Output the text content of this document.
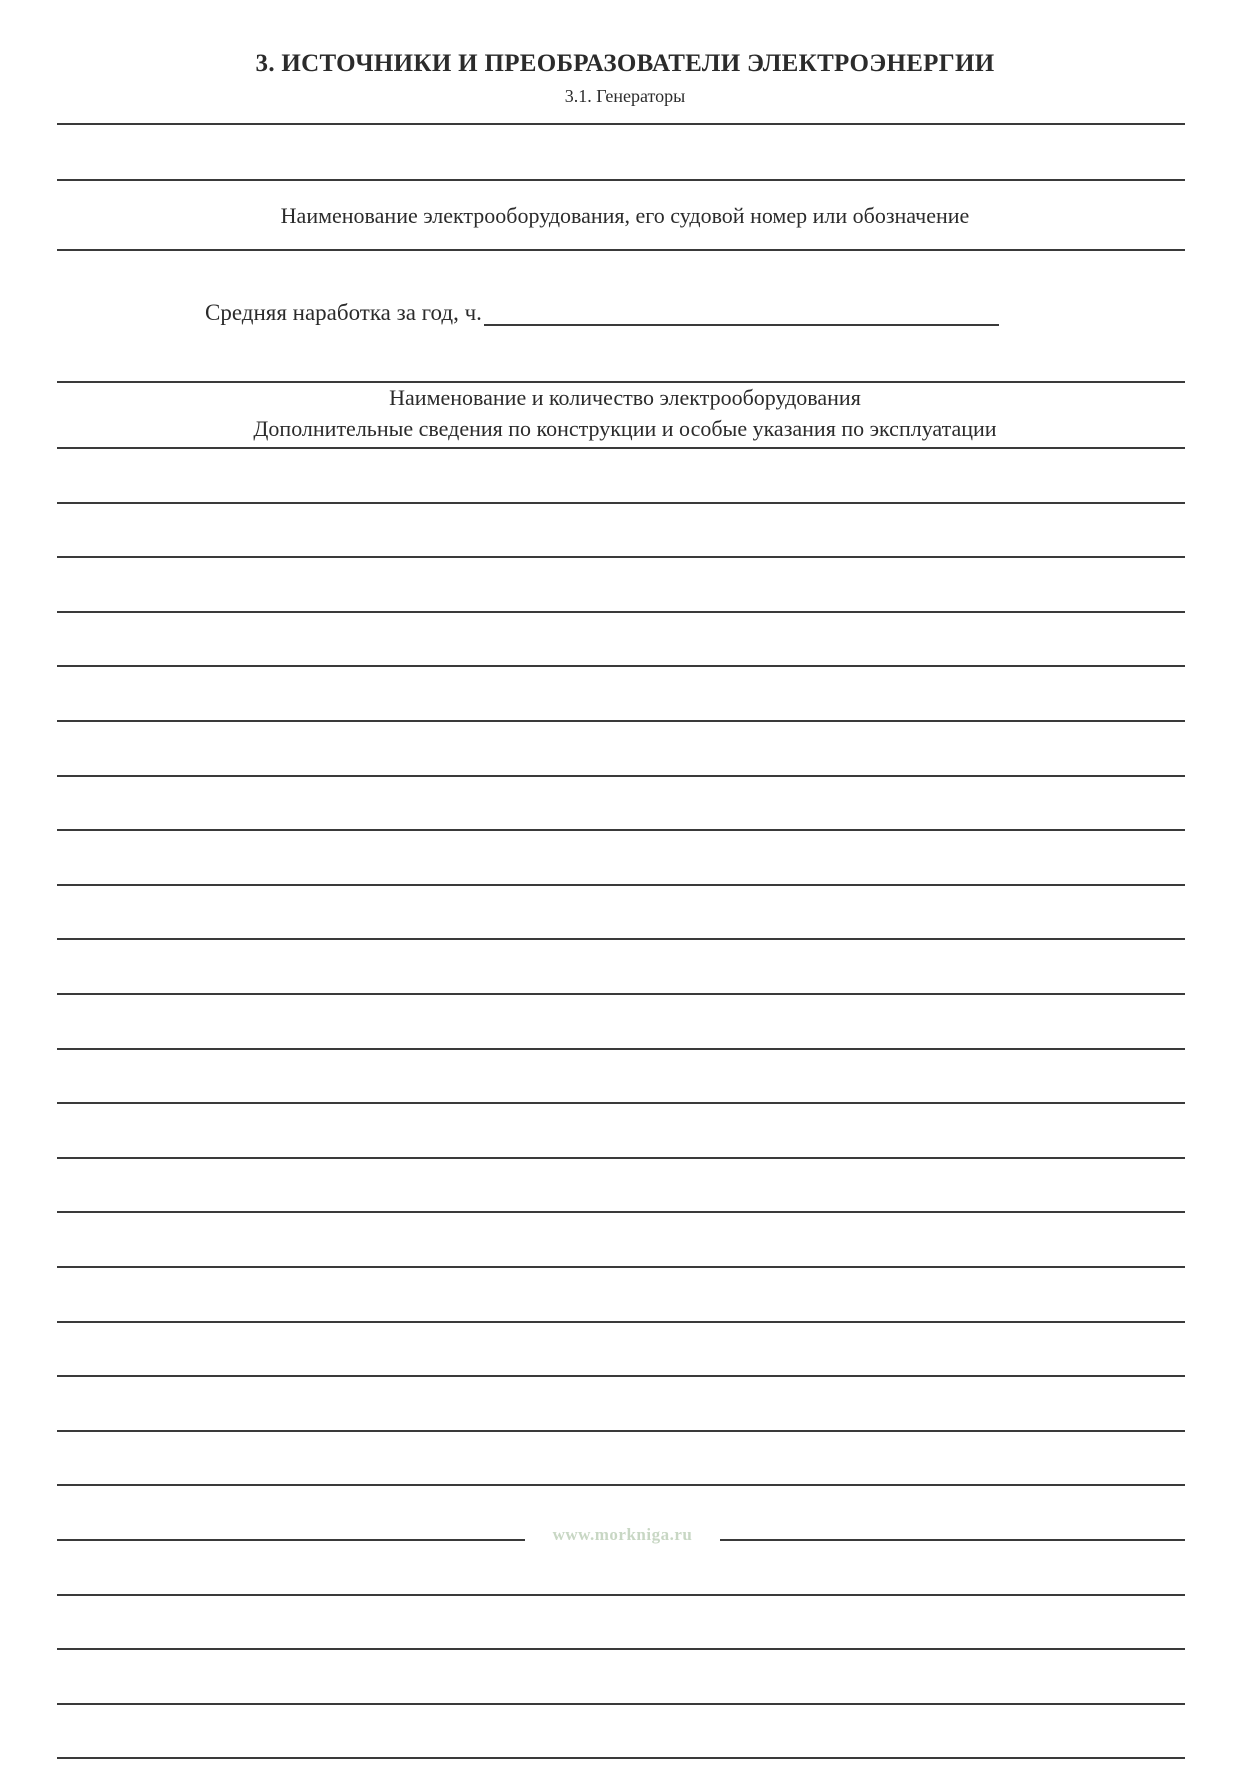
3. ИСТОЧНИКИ И ПРЕОБРАЗОВАТЕЛИ ЭЛЕКТРОЭНЕРГИИ
3.1. Генераторы
Наименование электрооборудования, его судовой номер или обозначение
Средняя наработка за год, ч.
Наименование и количество электрооборудования
Дополнительные сведения по конструкции и особые указания по эксплуатации
www.morkniga.ru
